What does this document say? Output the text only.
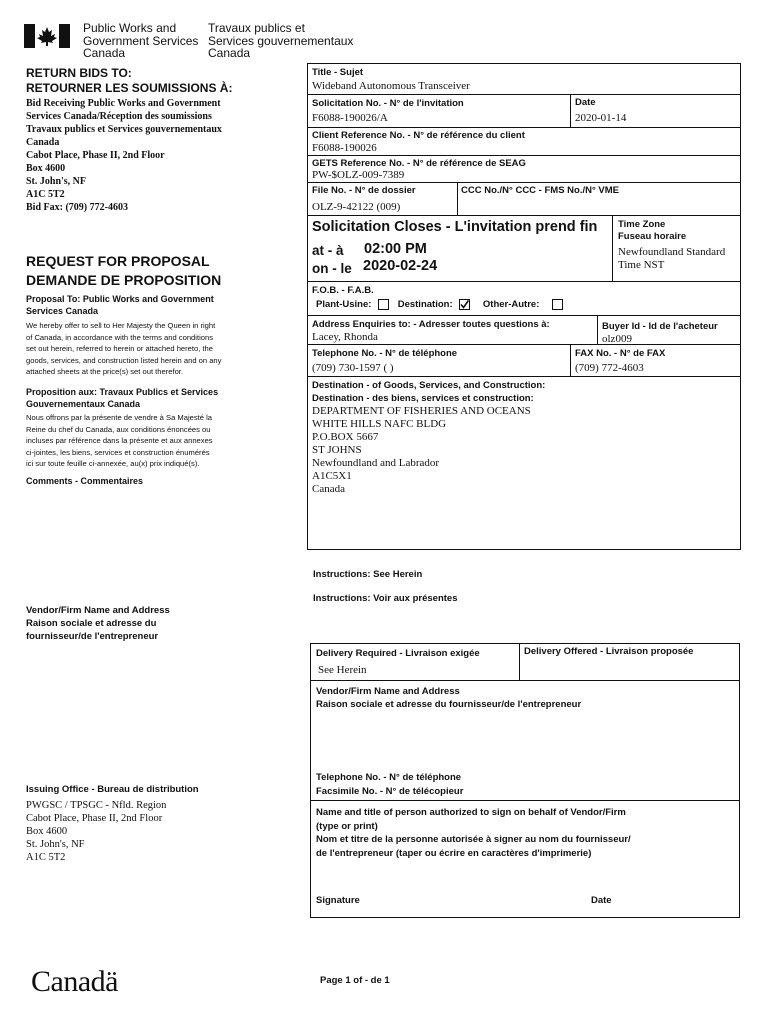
Public Works and
Government Services
Canada
Travaux publics et
Services gouvernementaux
Canada
RETURN BIDS TO:
RETOURNER LES SOUMISSIONS À:
Bid Receiving Public Works and Government
Services Canada/Réception des soumissions
Travaux publics et Services gouvernementaux
Canada
Cabot Place, Phase II, 2nd Floor
Box 4600
St. John's, NF
A1C 5T2
Bid Fax: (709) 772-4603
REQUEST FOR PROPOSAL
DEMANDE DE PROPOSITION
Proposal To: Public Works and Government
Services Canada
We hereby offer to sell to Her Majesty the Queen in right
of Canada, in accordance with the terms and conditions
set out herein, referred to herein or attached hereto, the
goods, services, and construction listed herein and on any
attached sheets at the price(s) set out therefor.
Proposition aux: Travaux Publics et Services
Gouvernementaux Canada
Nous offrons par la présente de vendre à Sa Majesté la
Reine du chef du Canada, aux conditions énoncées ou
incluses par référence dans la présente et aux annexes
ci-jointes, les biens, services et construction énumérés
ici sur toute feuille ci-annexée, au(x) prix indiqué(s).
Comments - Commentaires
Vendor/Firm Name and Address
Raison sociale et adresse du
fournisseur/de l'entrepreneur
Issuing Office - Bureau de distribution
PWGSC / TPSGC - Nfld. Region
Cabot Place, Phase II, 2nd Floor
Box 4600
St. John's, NF
A1C 5T2
Title - Sujet
Wideband Autonomous Transceiver
Solicitation No. - N° de l'invitation
F6088-190026/A
Date
2020-01-14
Client Reference No. - N° de référence du client
F6088-190026
GETS Reference No. - N° de référence de SEAG
PW-$OLZ-009-7389
File No. - N° de dossier
OLZ-9-42122 (009)
CCC No./N° CCC - FMS No./N° VME
Solicitation Closes - L'invitation prend fin
at - à 02:00 PM
on - le 2020-02-24
Time Zone
Fuseau horaire
Newfoundland Standard
Time NST
F.O.B. - F.A.B.
Plant-Usine:	Destination:	Other-Autre:
Address Enquiries to: - Adresser toutes questions à:
Lacey, Rhonda
Buyer Id - Id de l'acheteur
olz009
Telephone No. - N° de téléphone
(709) 730-1597 ( )
FAX No. - N° de FAX
(709) 772-4603
Destination - of Goods, Services, and Construction:
Destination - des biens, services et construction:
DEPARTMENT OF FISHERIES AND OCEANS
WHITE HILLS NAFC BLDG
P.O.BOX 5667
ST JOHNS
Newfoundland and Labrador
A1C5X1
Canada
Instructions: See Herein
Instructions: Voir aux présentes
Delivery Required - Livraison exigée
See Herein
Delivery Offered - Livraison proposée
Vendor/Firm Name and Address
Raison sociale et adresse du fournisseur/de l'entrepreneur
Telephone No. - N° de téléphone
Facsimile No. - N° de télécopieur
Name and title of person authorized to sign on behalf of Vendor/Firm
(type or print)
Nom et titre de la personne autorisée à signer au nom du fournisseur/
de l'entrepreneur (taper ou écrire en caractères d'imprimerie)
Signature	Date
Canadä	Page 1 of - de 1
